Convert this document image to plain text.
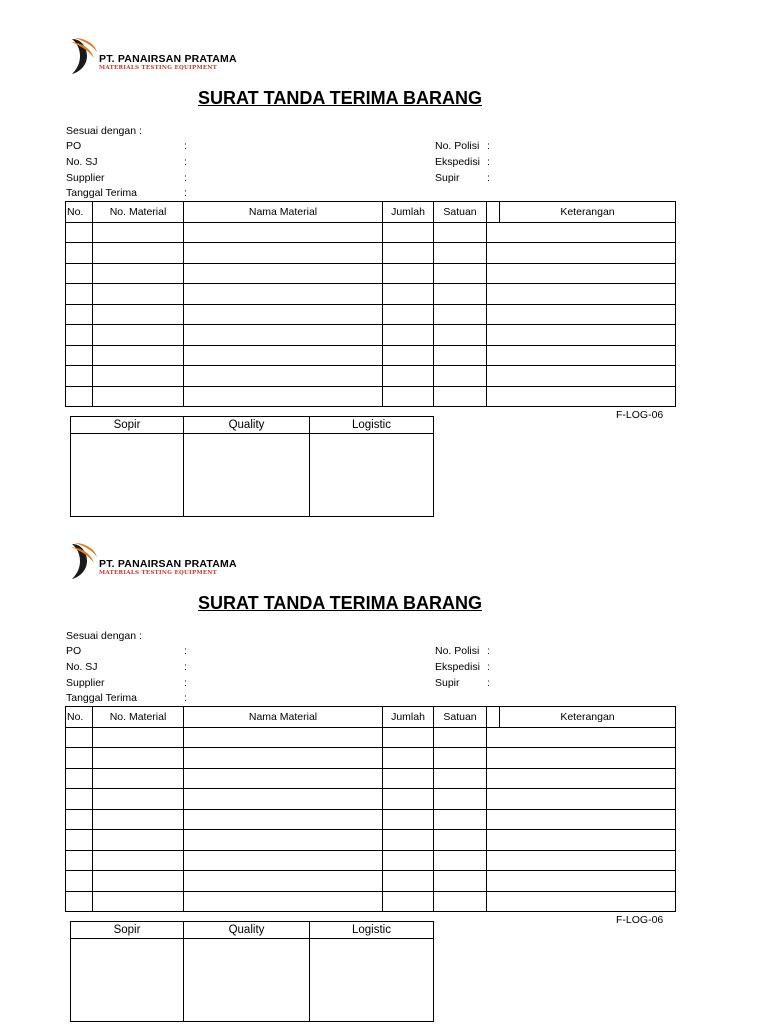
PT. PANAIRSAN PRATAMA
MATERIALS TESTING EQUIPMENT
SURAT TANDA TERIMA BARANG
Sesuai dengan :
PO	:
No. SJ	:
Supplier	:
Tanggal Terima	:
No. Polisi :
Ekspedisi :
Supir	:
No.	No. Material	Nama Material	Jumlah	Satuan		Keterangan

F-LOG-06
Sopir	Quality	Logistic

PT. PANAIRSAN PRATAMA
MATERIALS TESTING EQUIPMENT
SURAT TANDA TERIMA BARANG
Sesuai dengan :
PO	:
No. SJ	:
Supplier	:
Tanggal Terima	:
No. Polisi :
Ekspedisi :
Supir	:
No.	No. Material	Nama Material	Jumlah	Satuan		Keterangan

F-LOG-06
Sopir	Quality	Logistic
